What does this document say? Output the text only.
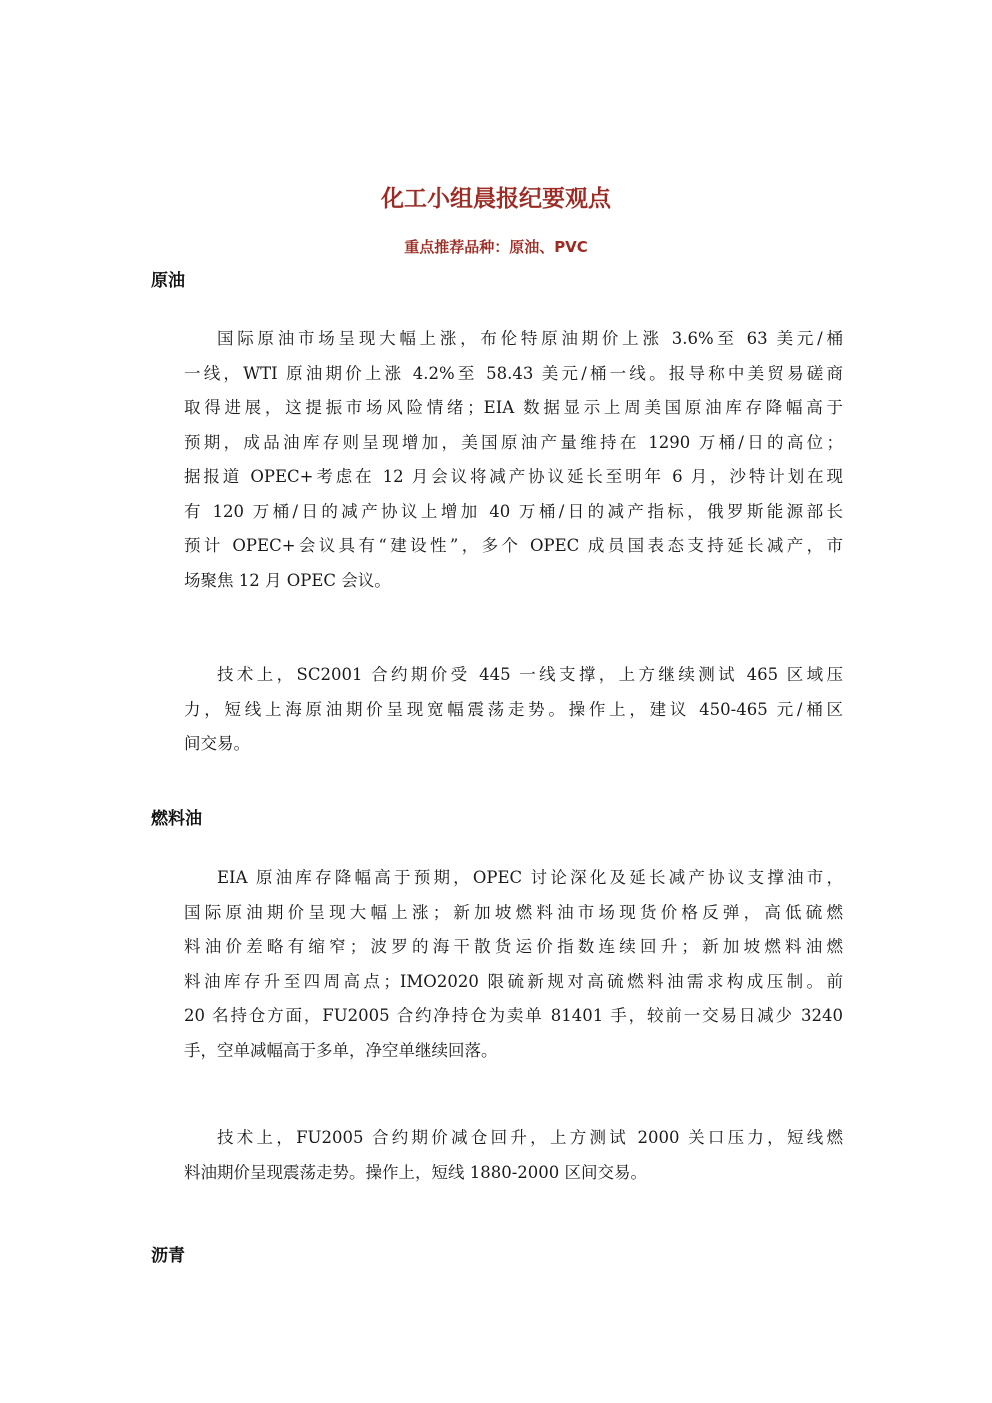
化工小组晨报纪要观点
重点推荐品种：原油、PVC
原油
国际原油市场呈现大幅上涨，布伦特原油期价上涨 3.6%至 63 美元/桶
一线，WTI 原油期价上涨 4.2%至 58.43 美元/桶一线。报导称中美贸易磋商
取得进展，这提振市场风险情绪；EIA 数据显示上周美国原油库存降幅高于
预期，成品油库存则呈现增加，美国原油产量维持在 1290 万桶/日的高位；
据报道 OPEC+考虑在 12 月会议将减产协议延长至明年 6 月，沙特计划在现
有 120 万桶/日的减产协议上增加 40 万桶/日的减产指标，俄罗斯能源部长
预计 OPEC+会议具有“建设性”，多个 OPEC 成员国表态支持延长减产，市
场聚焦 12 月 OPEC 会议。
技术上，SC2001 合约期价受 445 一线支撑，上方继续测试 465 区域压
力，短线上海原油期价呈现宽幅震荡走势。操作上，建议 450-465 元/桶区
间交易。
燃料油
EIA 原油库存降幅高于预期，OPEC 讨论深化及延长减产协议支撑油市，
国际原油期价呈现大幅上涨；新加坡燃料油市场现货价格反弹，高低硫燃
料油价差略有缩窄；波罗的海干散货运价指数连续回升；新加坡燃料油燃
料油库存升至四周高点；IMO2020 限硫新规对高硫燃料油需求构成压制。前
20 名持仓方面，FU2005 合约净持仓为卖单 81401 手，较前一交易日减少 3240
手，空单减幅高于多单，净空单继续回落。
技术上，FU2005 合约期价减仓回升，上方测试 2000 关口压力，短线燃
料油期价呈现震荡走势。操作上，短线 1880-2000 区间交易。
沥青
